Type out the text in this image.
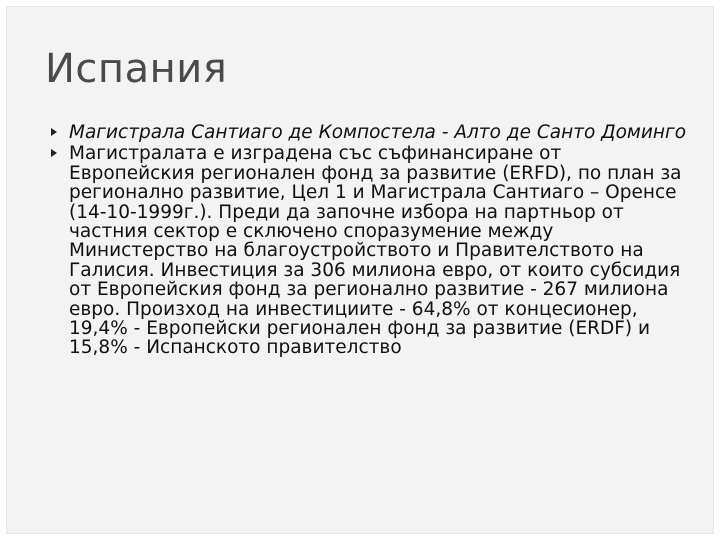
Испания
Магистрала Сантиаго де Компостела - Алто де Санто Доминго
Магистралата е изградена със съфинансиране от Европейския регионален фонд за развитие (ERFD), по план за регионално развитие, Цел 1 и Магистрала Сантиаго – Оренсе (14-10-1999г.). Преди да започне избора на партньор от частния сектор е сключено споразумение между Министерство на благоустройството и Правителството на Галисия. Инвестиция за 306 милиона евро, от които субсидия от Европейския фонд за регионално развитие - 267 милиона евро. Произход на инвестициите - 64,8% от концесионер, 19,4% - Европейски регионален фонд за развитие (ERDF) и 15,8% - Испанското правителство
